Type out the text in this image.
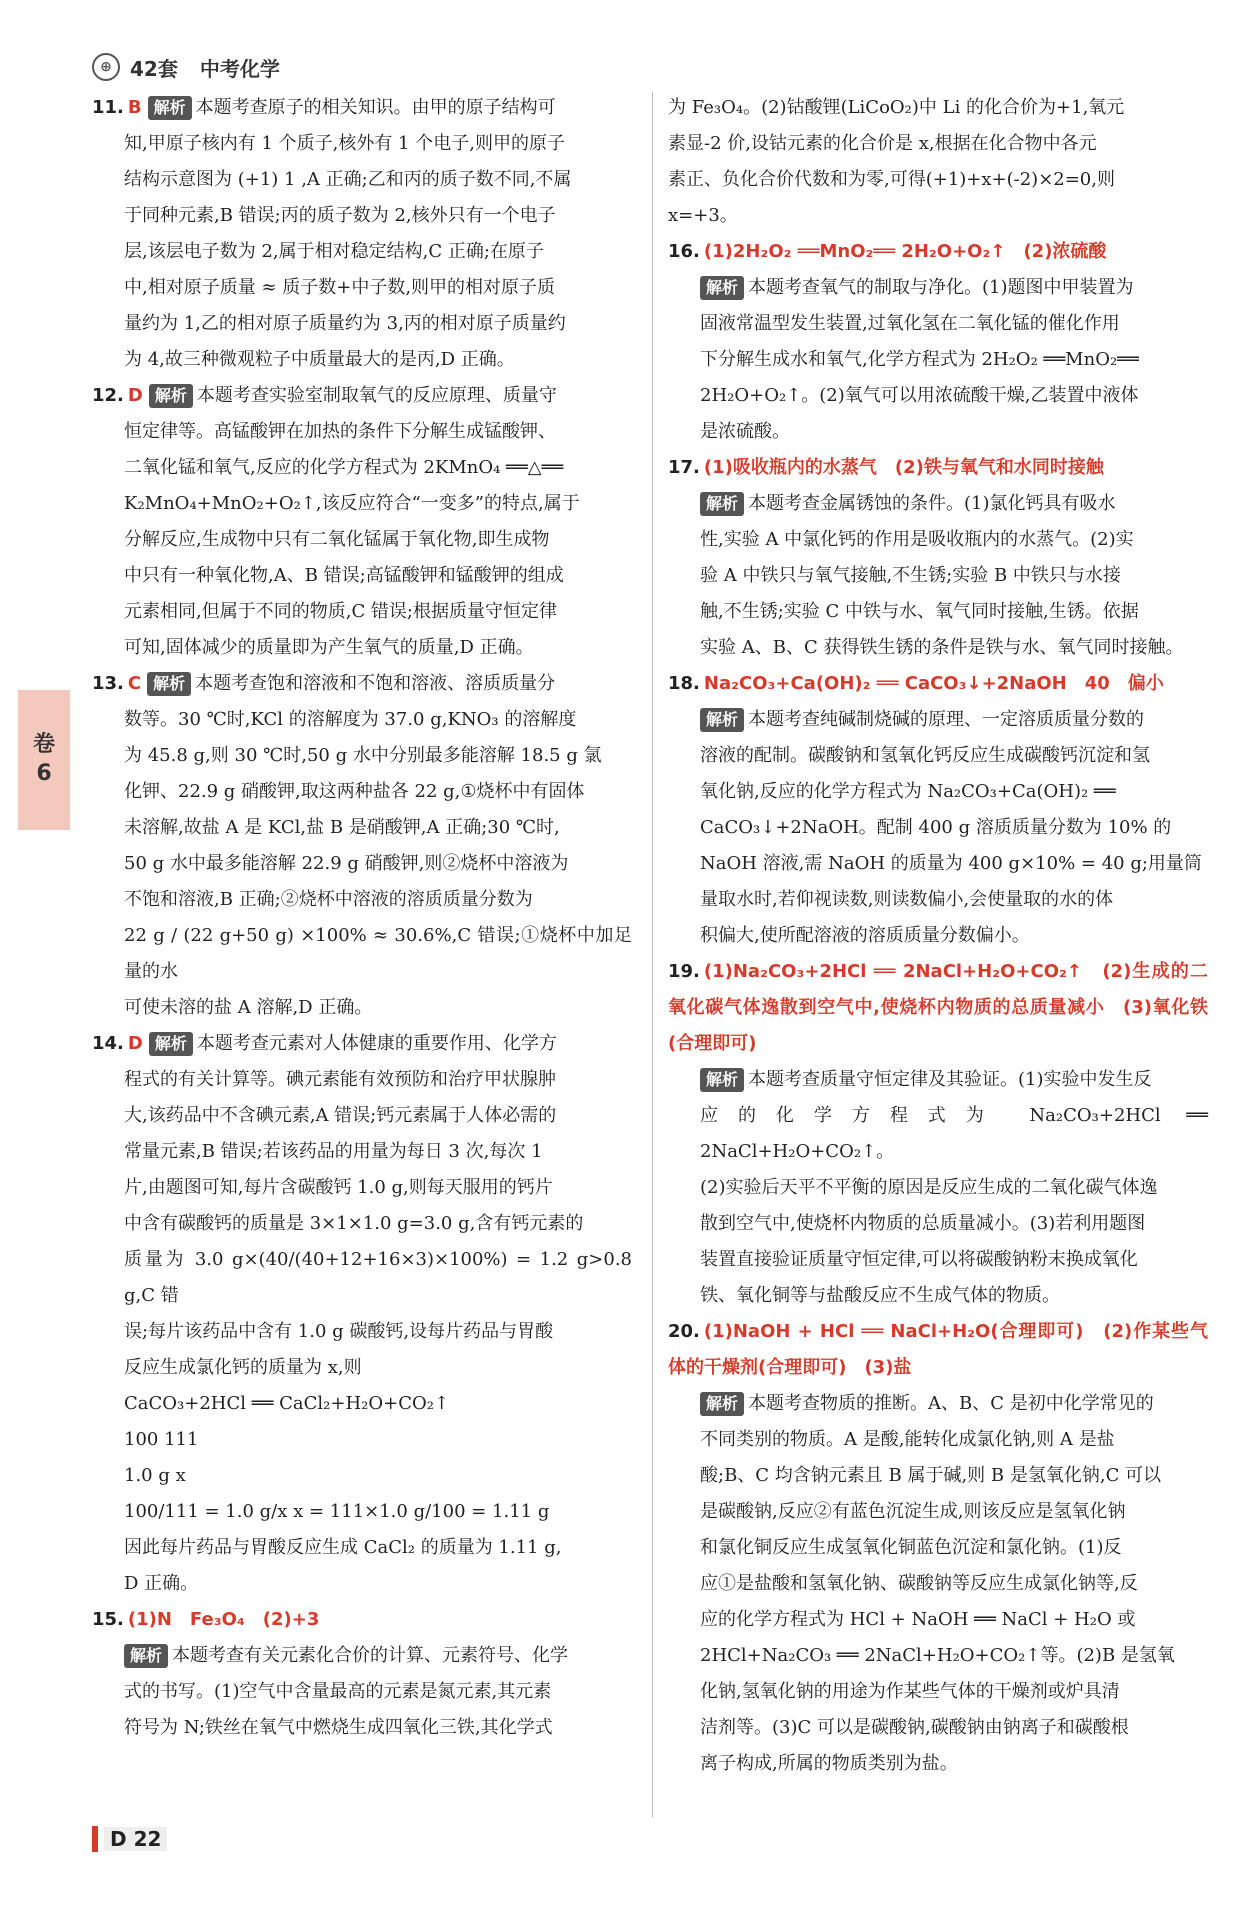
⊕ 42套 中考化学
卷
6
11. B 解析 本题考查原子的相关知识。由甲的原子结构可
知,甲原子核内有 1 个质子,核外有 1 个电子,则甲的原子
结构示意图为 (+1) 1 ,A 正确;乙和丙的质子数不同,不属
于同种元素,B 错误;丙的质子数为 2,核外只有一个电子
层,该层电子数为 2,属于相对稳定结构,C 正确;在原子
中,相对原子质量 ≈ 质子数+中子数,则甲的相对原子质
量约为 1,乙的相对原子质量约为 3,丙的相对原子质量约
为 4,故三种微观粒子中质量最大的是丙,D 正确。
12. D 解析 本题考查实验室制取氧气的反应原理、质量守
恒定律等。高锰酸钾在加热的条件下分解生成锰酸钾、
二氧化锰和氧气,反应的化学方程式为 2KMnO₄ ══△══
K₂MnO₄+MnO₂+O₂↑,该反应符合“一变多”的特点,属于
分解反应,生成物中只有二氧化锰属于氧化物,即生成物
中只有一种氧化物,A、B 错误;高锰酸钾和锰酸钾的组成
元素相同,但属于不同的物质,C 错误;根据质量守恒定律
可知,固体减少的质量即为产生氧气的质量,D 正确。
13. C 解析 本题考查饱和溶液和不饱和溶液、溶质质量分
数等。30 ℃时,KCl 的溶解度为 37.0 g,KNO₃ 的溶解度
为 45.8 g,则 30 ℃时,50 g 水中分别最多能溶解 18.5 g 氯
化钾、22.9 g 硝酸钾,取这两种盐各 22 g,①烧杯中有固体
未溶解,故盐 A 是 KCl,盐 B 是硝酸钾,A 正确;30 ℃时,
50 g 水中最多能溶解 22.9 g 硝酸钾,则②烧杯中溶液为
不饱和溶液,B 正确;②烧杯中溶液的溶质质量分数为
22 g / (22 g+50 g) ×100% ≈ 30.6%,C 错误;①烧杯中加足量的水
可使未溶的盐 A 溶解,D 正确。
14. D 解析 本题考查元素对人体健康的重要作用、化学方
程式的有关计算等。碘元素能有效预防和治疗甲状腺肿
大,该药品中不含碘元素,A 错误;钙元素属于人体必需的
常量元素,B 错误;若该药品的用量为每日 3 次,每次 1
片,由题图可知,每片含碳酸钙 1.0 g,则每天服用的钙片
中含有碳酸钙的质量是 3×1×1.0 g=3.0 g,含有钙元素的
质量为 3.0 g×(40/(40+12+16×3)×100%) = 1.2 g>0.8 g,C 错
误;每片该药品中含有 1.0 g 碳酸钙,设每片药品与胃酸
反应生成氯化钙的质量为 x,则
CaCO₃+2HCl ══ CaCl₂+H₂O+CO₂↑
100 111
1.0 g x
100/111 = 1.0 g/x x = 111×1.0 g/100 = 1.11 g
因此每片药品与胃酸反应生成 CaCl₂ 的质量为 1.11 g,
D 正确。
15. (1)N　Fe₃O₄　(2)+3
解析 本题考查有关元素化合价的计算、元素符号、化学
式的书写。(1)空气中含量最高的元素是氮元素,其元素
符号为 N;铁丝在氧气中燃烧生成四氧化三铁,其化学式
为 Fe₃O₄。(2)钴酸锂(LiCoO₂)中 Li 的化合价为+1,氧元
素显-2 价,设钴元素的化合价是 x,根据在化合物中各元
素正、负化合价代数和为零,可得(+1)+x+(-2)×2=0,则
x=+3。
16. (1)2H₂O₂ ══MnO₂══ 2H₂O+O₂↑　(2)浓硫酸
解析 本题考查氧气的制取与净化。(1)题图中甲装置为
固液常温型发生装置,过氧化氢在二氧化锰的催化作用
下分解生成水和氧气,化学方程式为 2H₂O₂ ══MnO₂══
2H₂O+O₂↑。(2)氧气可以用浓硫酸干燥,乙装置中液体
是浓硫酸。
17. (1)吸收瓶内的水蒸气　(2)铁与氧气和水同时接触
解析 本题考查金属锈蚀的条件。(1)氯化钙具有吸水
性,实验 A 中氯化钙的作用是吸收瓶内的水蒸气。(2)实
验 A 中铁只与氧气接触,不生锈;实验 B 中铁只与水接
触,不生锈;实验 C 中铁与水、氧气同时接触,生锈。依据
实验 A、B、C 获得铁生锈的条件是铁与水、氧气同时接触。
18. Na₂CO₃+Ca(OH)₂ ══ CaCO₃↓+2NaOH　40　偏小
解析 本题考查纯碱制烧碱的原理、一定溶质质量分数的
溶液的配制。碳酸钠和氢氧化钙反应生成碳酸钙沉淀和氢
氧化钠,反应的化学方程式为 Na₂CO₃+Ca(OH)₂ ══
CaCO₃↓+2NaOH。配制 400 g 溶质质量分数为 10% 的
NaOH 溶液,需 NaOH 的质量为 400 g×10% = 40 g;用量筒
量取水时,若仰视读数,则读数偏小,会使量取的水的体
积偏大,使所配溶液的溶质质量分数偏小。
19. (1)Na₂CO₃+2HCl ══ 2NaCl+H₂O+CO₂↑　(2)生成的二氧化碳气体逸散到空气中,使烧杯内物质的总质量减小　(3)氧化铁(合理即可)
解析 本题考查质量守恒定律及其验证。(1)实验中发生反
应的化学方程式为 Na₂CO₃+2HCl ══ 2NaCl+H₂O+CO₂↑。
(2)实验后天平不平衡的原因是反应生成的二氧化碳气体逸
散到空气中,使烧杯内物质的总质量减小。(3)若利用题图
装置直接验证质量守恒定律,可以将碳酸钠粉末换成氧化
铁、氧化铜等与盐酸反应不生成气体的物质。
20. (1)NaOH + HCl ══ NaCl+H₂O(合理即可)　(2)作某些气体的干燥剂(合理即可)　(3)盐
解析 本题考查物质的推断。A、B、C 是初中化学常见的
不同类别的物质。A 是酸,能转化成氯化钠,则 A 是盐
酸;B、C 均含钠元素且 B 属于碱,则 B 是氢氧化钠,C 可以
是碳酸钠,反应②有蓝色沉淀生成,则该反应是氢氧化钠
和氯化铜反应生成氢氧化铜蓝色沉淀和氯化钠。(1)反
应①是盐酸和氢氧化钠、碳酸钠等反应生成氯化钠等,反
应的化学方程式为 HCl + NaOH ══ NaCl + H₂O 或
2HCl+Na₂CO₃ ══ 2NaCl+H₂O+CO₂↑等。(2)B 是氢氧
化钠,氢氧化钠的用途为作某些气体的干燥剂或炉具清
洁剂等。(3)C 可以是碳酸钠,碳酸钠由钠离子和碳酸根
离子构成,所属的物质类别为盐。
D 22
